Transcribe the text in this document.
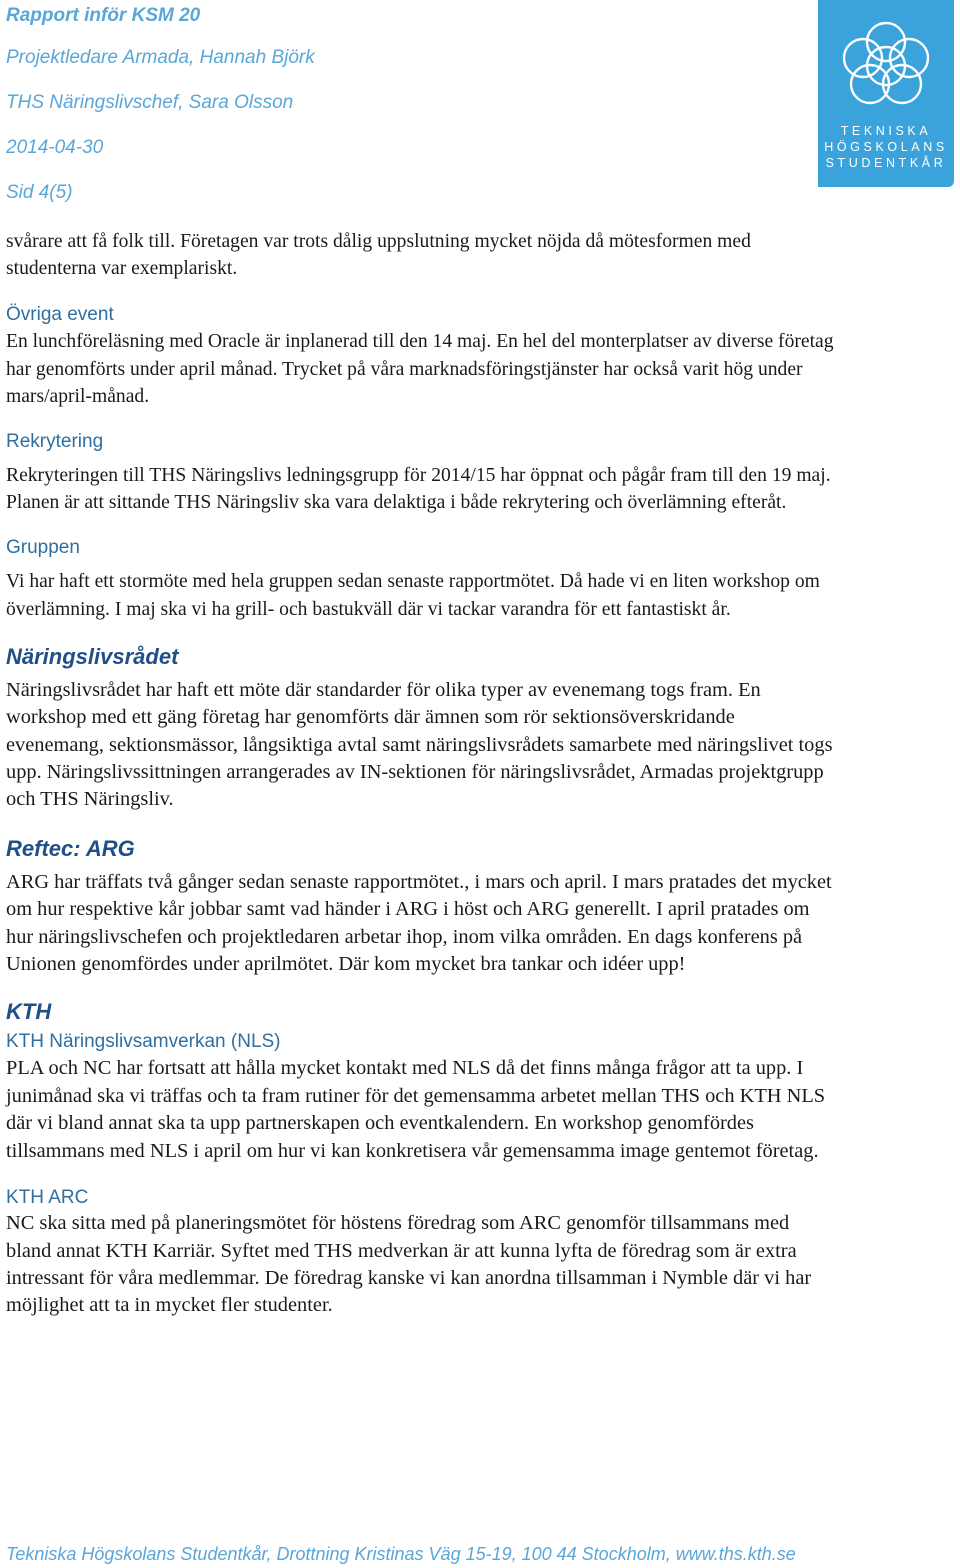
Rapport inför KSM 20
Projektledare Armada, Hannah Björk
THS Näringslivschef, Sara Olsson
2014-04-30
Sid 4(5)
TEKNISKA
HÖGSKOLANS
STUDENTKÅR

svårare att få folk till. Företagen var trots dålig uppslutning mycket nöjda då mötesformen med studenterna var exemplariskt.

Övriga event

En lunchföreläsning med Oracle är inplanerad till den 14 maj. En hel del monterplatser av diverse företag har genomförts under april månad. Trycket på våra marknadsföringstjänster har också varit hög under mars/april-månad.

Rekrytering

Rekryteringen till THS Näringslivs ledningsgrupp för 2014/15 har öppnat och pågår fram till den 19 maj. Planen är att sittande THS Näringsliv ska vara delaktiga i både rekrytering och överlämning efteråt.

Gruppen

Vi har haft ett stormöte med hela gruppen sedan senaste rapportmötet. Då hade vi en liten workshop om överlämning. I maj ska vi ha grill- och bastukväll där vi tackar varandra för ett fantastiskt år.

Näringslivsrådet

Näringslivsrådet har haft ett möte där standarder för olika typer av evenemang togs fram. En workshop med ett gäng företag har genomförts där ämnen som rör sektionsöverskridande evenemang, sektionsmässor, långsiktiga avtal samt näringslivsrådets samarbete med näringslivet togs upp. Näringslivssittningen arrangerades av IN-sektionen för näringslivsrådet, Armadas projektgrupp och THS Näringsliv.

Reftec: ARG

ARG har träffats två gånger sedan senaste rapportmötet., i mars och april. I mars pratades det mycket om hur respektive kår jobbar samt vad händer i ARG i höst och ARG generellt. I april pratades om hur näringslivschefen och projektledaren arbetar ihop, inom vilka områden. En dags konferens på Unionen genomfördes under aprilmötet. Där kom mycket bra tankar och idéer upp!

KTH
KTH Näringslivsamverkan (NLS)

PLA och NC har fortsatt att hålla mycket kontakt med NLS då det finns många frågor att ta upp. I junimånad ska vi träffas och ta fram rutiner för det gemensamma arbetet mellan THS och KTH NLS där vi bland annat ska ta upp partnerskapen och eventkalendern. En workshop genomfördes tillsammans med NLS i april om hur vi kan konkretisera vår gemensamma image gentemot företag.

KTH ARC

NC ska sitta med på planeringsmötet för höstens föredrag som ARC genomför tillsammans med bland annat KTH Karriär. Syftet med THS medverkan är att kunna lyfta de föredrag som är extra intressant för våra medlemmar. De föredrag kanske vi kan anordna tillsamman i Nymble där vi har möjlighet att ta in mycket fler studenter.

Tekniska Högskolans Studentkår, Drottning Kristinas Väg 15-19, 100 44 Stockholm, www.ths.kth.se
